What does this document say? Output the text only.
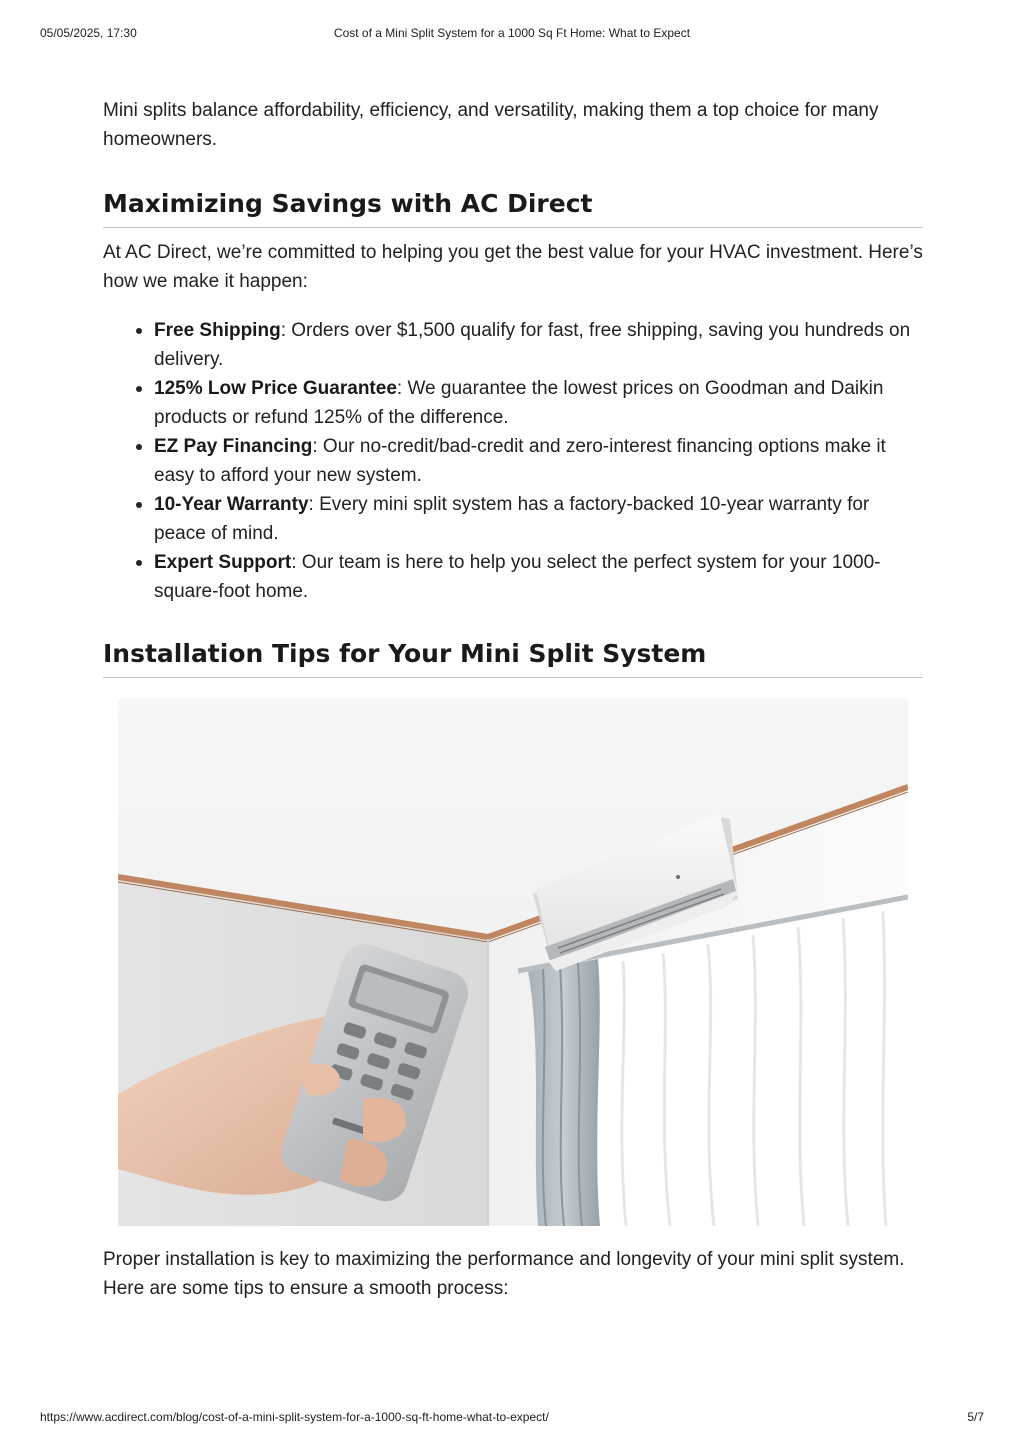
05/05/2025, 17:30	Cost of a Mini Split System for a 1000 Sq Ft Home: What to Expect

Mini splits balance affordability, efficiency, and versatility, making them a top choice for many homeowners.

Maximizing Savings with AC Direct

At AC Direct, we’re committed to helping you get the best value for your HVAC investment. Here’s how we make it happen:

Free Shipping: Orders over $1,500 qualify for fast, free shipping, saving you hundreds on delivery.
125% Low Price Guarantee: We guarantee the lowest prices on Goodman and Daikin products or refund 125% of the difference.
EZ Pay Financing: Our no-credit/bad-credit and zero-interest financing options make it easy to afford your new system.
10-Year Warranty: Every mini split system has a factory-backed 10-year warranty for peace of mind.
Expert Support: Our team is here to help you select the perfect system for your 1000-square-foot home.
Installation Tips for Your Mini Split System

Proper installation is key to maximizing the performance and longevity of your mini split system. Here are some tips to ensure a smooth process:

https://www.acdirect.com/blog/cost-of-a-mini-split-system-for-a-1000-sq-ft-home-what-to-expect/	5/7
